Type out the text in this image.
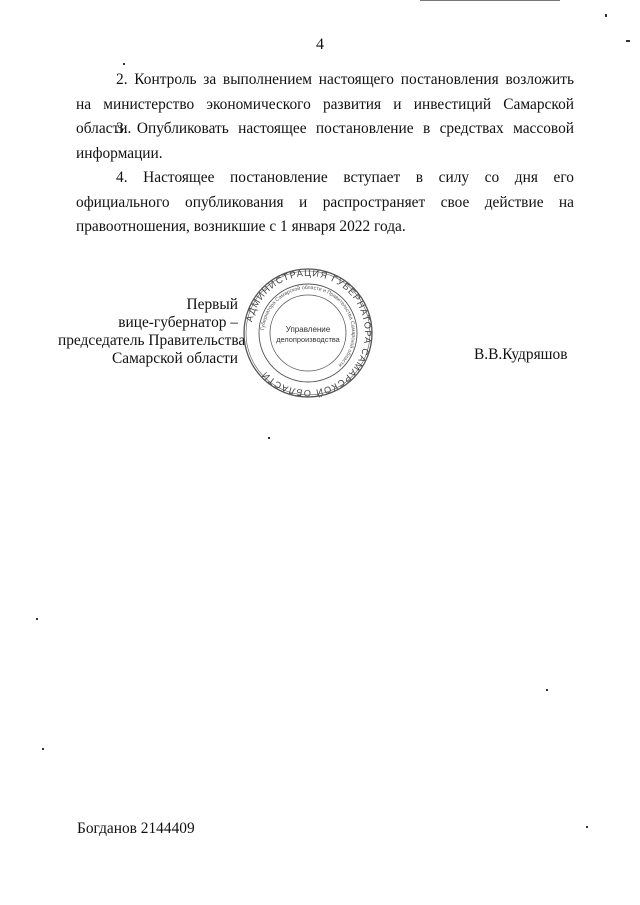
4

2. Контроль за выполнением настоящего постановления возложить на министерство экономического развития и инвестиций Самарской области.

3. Опубликовать настоящее постановление в средствах массовой информации.

4. Настоящее постановление вступает в силу со дня его официального опубликования и распространяет свое действие на правоотношения, возникшие с 1 января 2022 года.

Первый
вице-губернатор –
председатель Правительства
Самарской области
АДМИНИСТРАЦИЯ ГУБЕРНАТОРА САМАРСКОЙ ОБЛАСТИ
Губернатора Самарской области и Правительства Самарской области
Управление
делопроизводства
В.В.Кудряшов
Богданов 2144409
